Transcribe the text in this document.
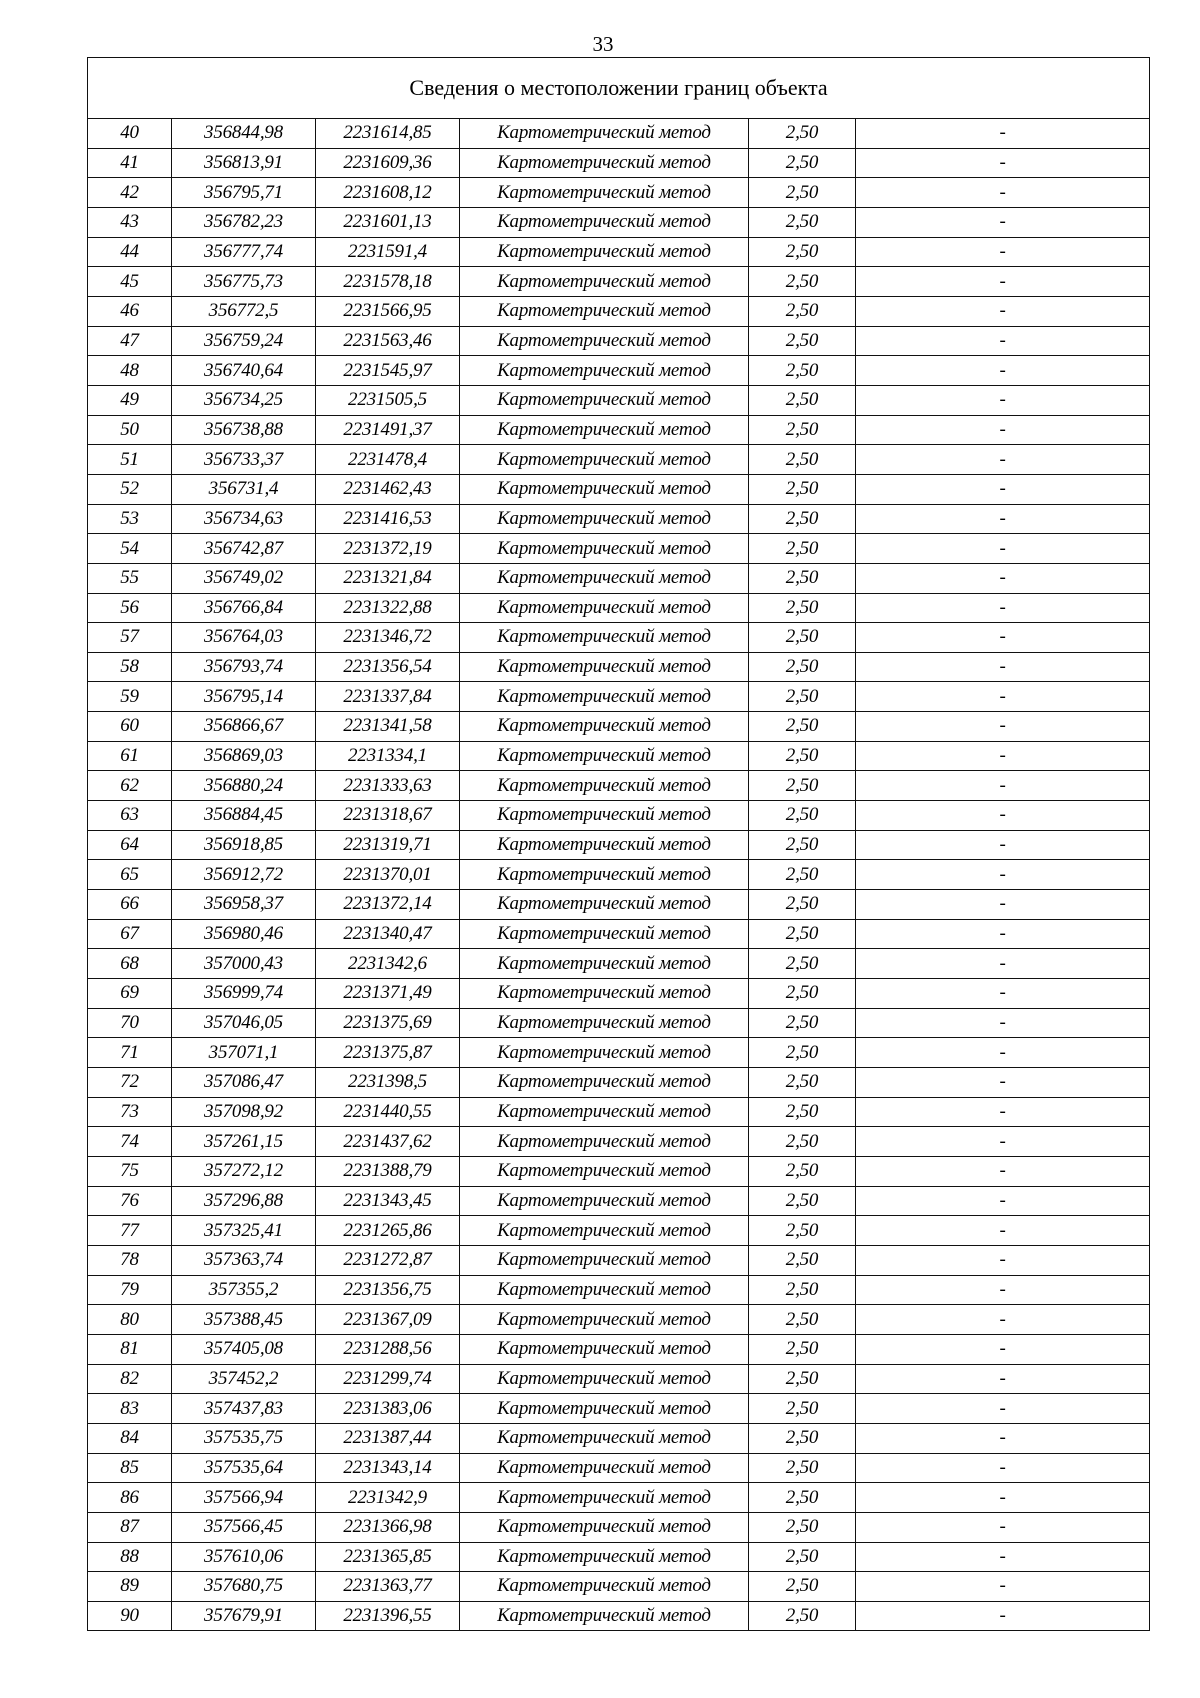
33
Сведения о местоположении границ объекта					
40	356844,98	2231614,85	Картометрический метод	2,50	-
41	356813,91	2231609,36	Картометрический метод	2,50	-
42	356795,71	2231608,12	Картометрический метод	2,50	-
43	356782,23	2231601,13	Картометрический метод	2,50	-
44	356777,74	2231591,4	Картометрический метод	2,50	-
45	356775,73	2231578,18	Картометрический метод	2,50	-
46	356772,5	2231566,95	Картометрический метод	2,50	-
47	356759,24	2231563,46	Картометрический метод	2,50	-
48	356740,64	2231545,97	Картометрический метод	2,50	-
49	356734,25	2231505,5	Картометрический метод	2,50	-
50	356738,88	2231491,37	Картометрический метод	2,50	-
51	356733,37	2231478,4	Картометрический метод	2,50	-
52	356731,4	2231462,43	Картометрический метод	2,50	-
53	356734,63	2231416,53	Картометрический метод	2,50	-
54	356742,87	2231372,19	Картометрический метод	2,50	-
55	356749,02	2231321,84	Картометрический метод	2,50	-
56	356766,84	2231322,88	Картометрический метод	2,50	-
57	356764,03	2231346,72	Картометрический метод	2,50	-
58	356793,74	2231356,54	Картометрический метод	2,50	-
59	356795,14	2231337,84	Картометрический метод	2,50	-
60	356866,67	2231341,58	Картометрический метод	2,50	-
61	356869,03	2231334,1	Картометрический метод	2,50	-
62	356880,24	2231333,63	Картометрический метод	2,50	-
63	356884,45	2231318,67	Картометрический метод	2,50	-
64	356918,85	2231319,71	Картометрический метод	2,50	-
65	356912,72	2231370,01	Картометрический метод	2,50	-
66	356958,37	2231372,14	Картометрический метод	2,50	-
67	356980,46	2231340,47	Картометрический метод	2,50	-
68	357000,43	2231342,6	Картометрический метод	2,50	-
69	356999,74	2231371,49	Картометрический метод	2,50	-
70	357046,05	2231375,69	Картометрический метод	2,50	-
71	357071,1	2231375,87	Картометрический метод	2,50	-
72	357086,47	2231398,5	Картометрический метод	2,50	-
73	357098,92	2231440,55	Картометрический метод	2,50	-
74	357261,15	2231437,62	Картометрический метод	2,50	-
75	357272,12	2231388,79	Картометрический метод	2,50	-
76	357296,88	2231343,45	Картометрический метод	2,50	-
77	357325,41	2231265,86	Картометрический метод	2,50	-
78	357363,74	2231272,87	Картометрический метод	2,50	-
79	357355,2	2231356,75	Картометрический метод	2,50	-
80	357388,45	2231367,09	Картометрический метод	2,50	-
81	357405,08	2231288,56	Картометрический метод	2,50	-
82	357452,2	2231299,74	Картометрический метод	2,50	-
83	357437,83	2231383,06	Картометрический метод	2,50	-
84	357535,75	2231387,44	Картометрический метод	2,50	-
85	357535,64	2231343,14	Картометрический метод	2,50	-
86	357566,94	2231342,9	Картометрический метод	2,50	-
87	357566,45	2231366,98	Картометрический метод	2,50	-
88	357610,06	2231365,85	Картометрический метод	2,50	-
89	357680,75	2231363,77	Картометрический метод	2,50	-
90	357679,91	2231396,55	Картометрический метод	2,50	-
